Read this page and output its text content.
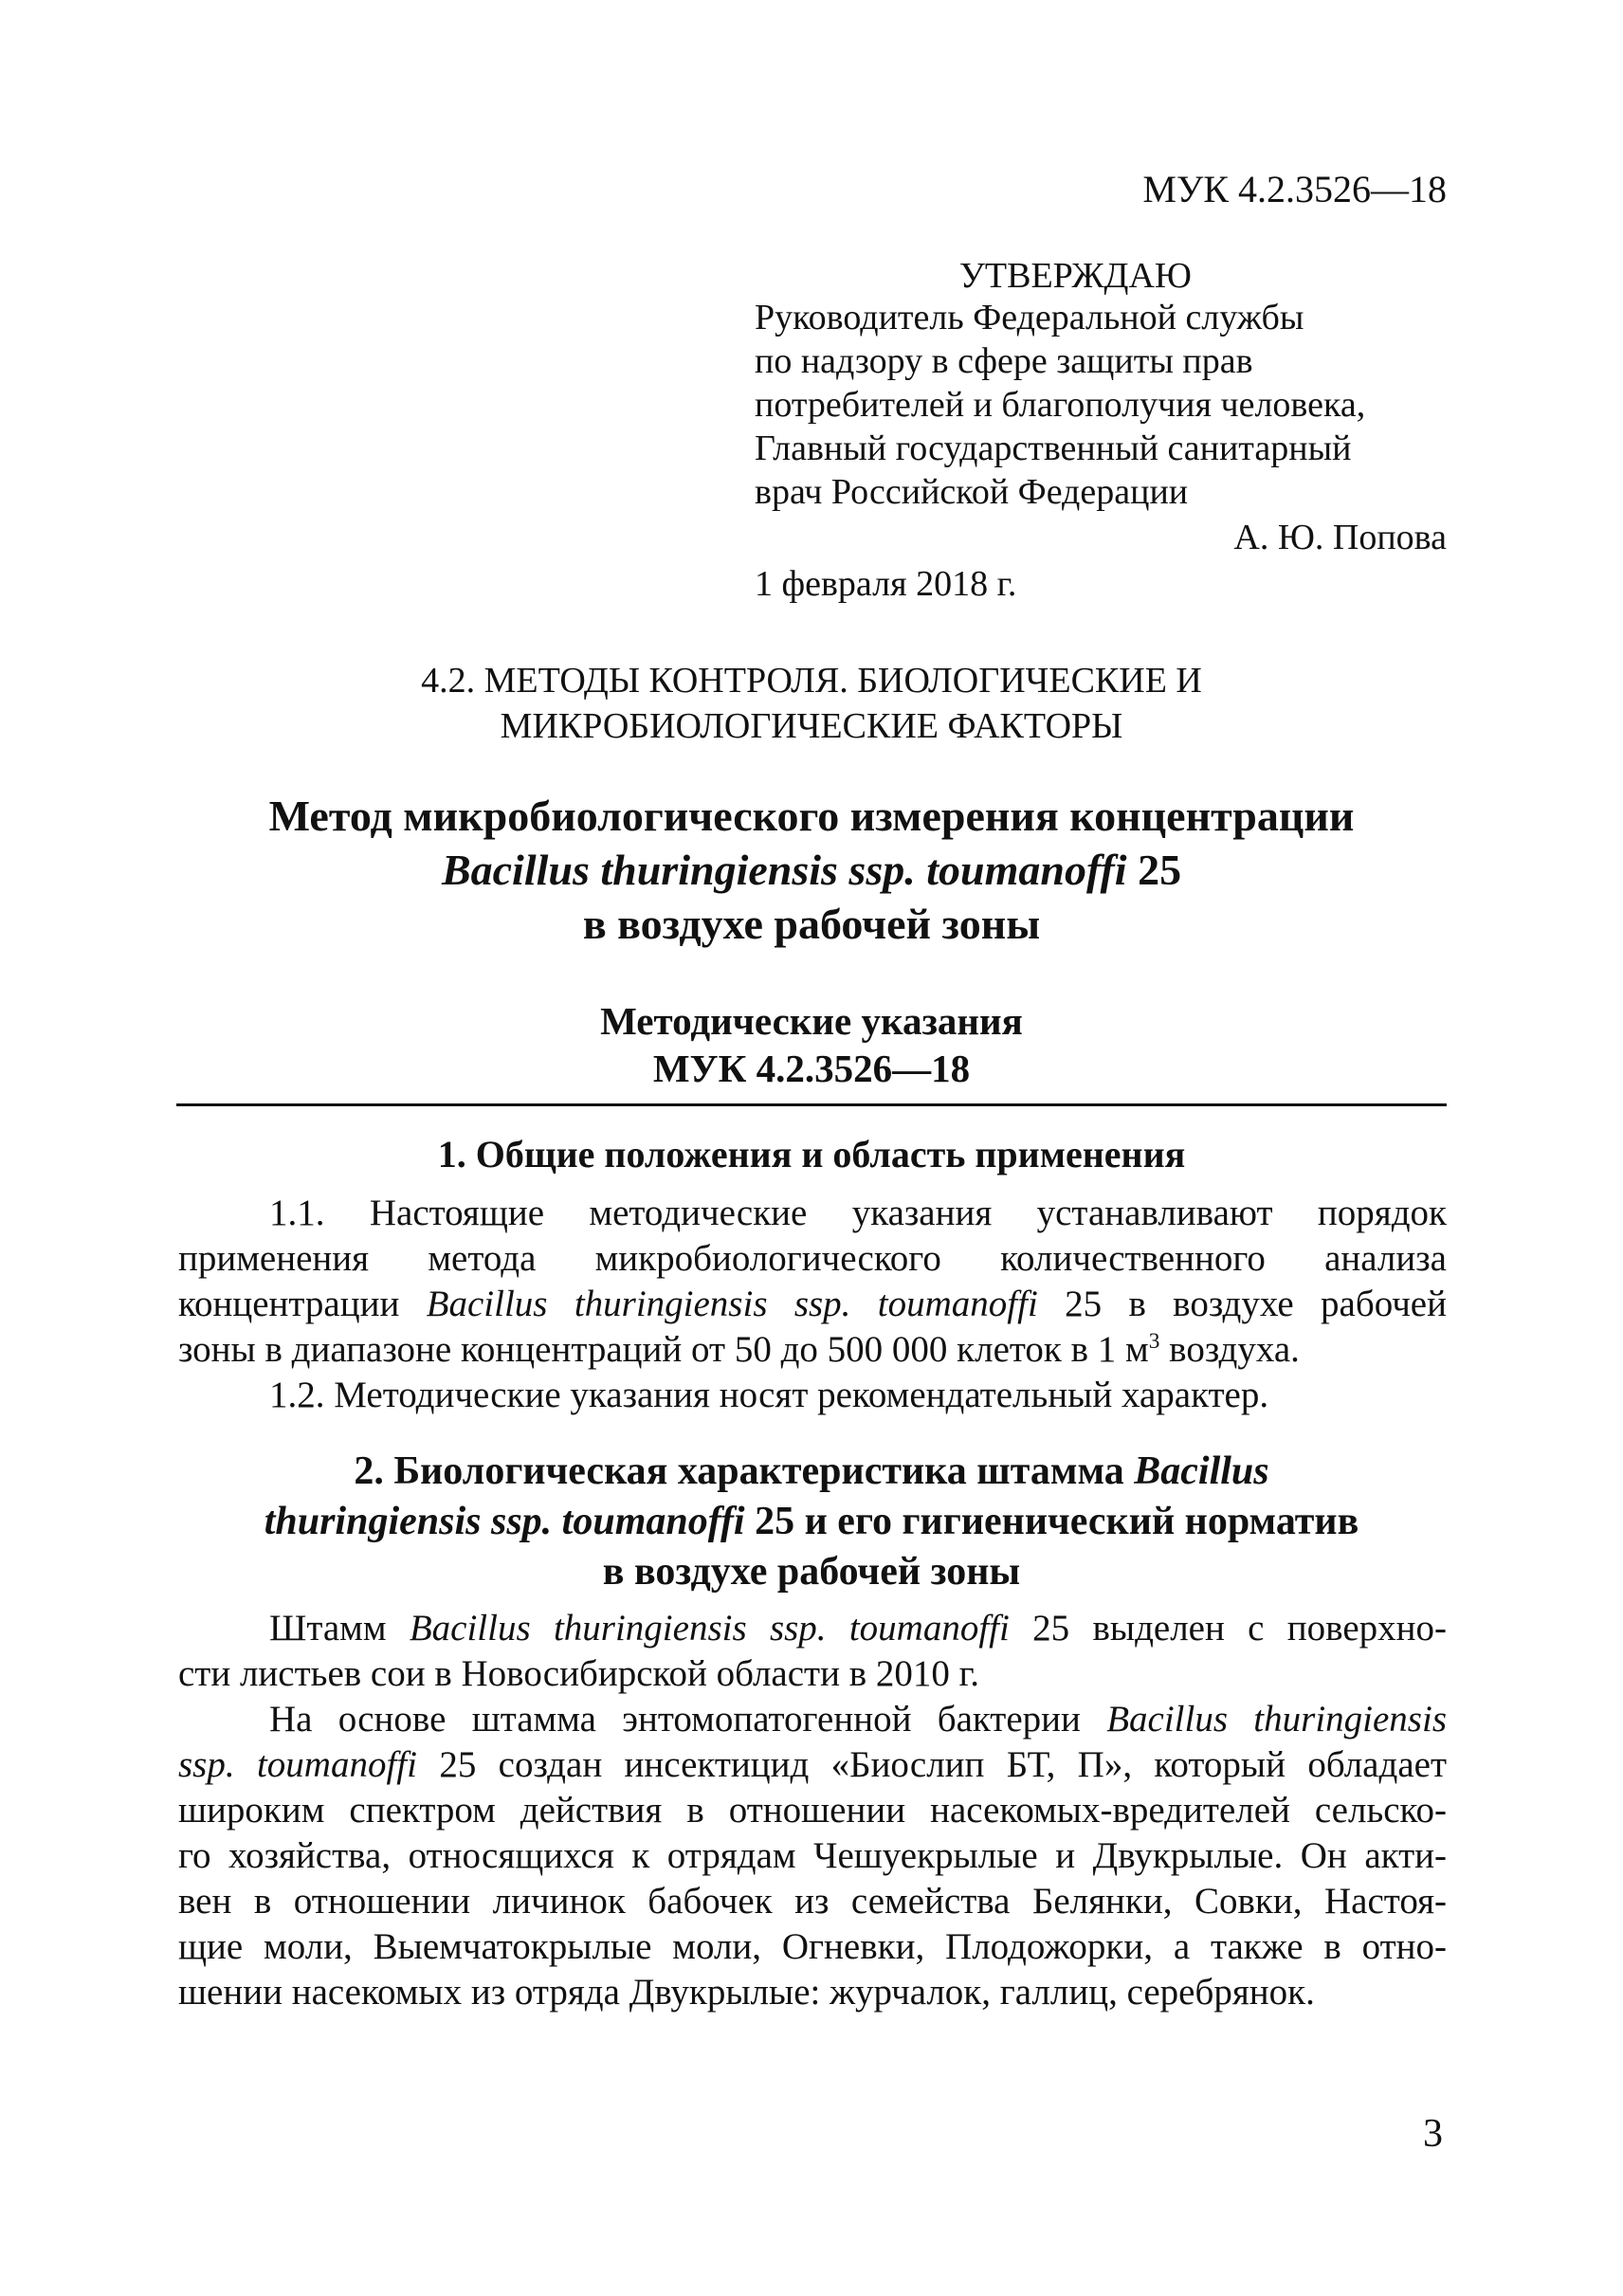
МУК 4.2.3526—18
УТВЕРЖДАЮ
Руководитель Федеральной службы
по надзору в сфере защиты прав
потребителей и благополучия человека,
Главный государственный санитарный
врач Российской Федерации
А. Ю. Попова
1 февраля 2018 г.
4.2. МЕТОДЫ КОНТРОЛЯ. БИОЛОГИЧЕСКИЕ И
МИКРОБИОЛОГИЧЕСКИЕ ФАКТОРЫ
Метод микробиологического измерения концентрации
Bacillus thuringiensis ssp. toumanoffi 25
в воздухе рабочей зоны
Методические указания
МУК 4.2.3526—18
1. Общие положения и область применения
1.1. Настоящие методические указания устанавливают порядок
применения метода микробиологического количественного анализа
концентрации Bacillus thuringiensis ssp. toumanoffi 25 в воздухе рабочей
зоны в диапазоне концентраций от 50 до 500 000 клеток в 1 $м^3$ воздуха.
1.2. Методические указания носят рекомендательный характер.
2. Биологическая характеристика штамма Bacillus
thuringiensis ssp. toumanoffi 25 и его гигиенический норматив
в воздухе рабочей зоны
Штамм Bacillus thuringiensis ssp. toumanoffi 25 выделен с поверхно-
сти листьев сои в Новосибирской области в 2010 г.
На основе штамма энтомопатогенной бактерии Bacillus thuringiensis
ssp. toumanoffi 25 создан инсектицид «Биослип БТ, П», который обладает
широким спектром действия в отношении насекомых-вредителей сельско-
го хозяйства, относящихся к отрядам Чешуекрылые и Двукрылые. Он акти-
вен в отношении личинок бабочек из семейства Белянки, Совки, Настоя-
щие моли, Выемчатокрылые моли, Огневки, Плодожорки, а также в отно-
шении насекомых из отряда Двукрылые: журчалок, галлиц, серебрянок.
3
